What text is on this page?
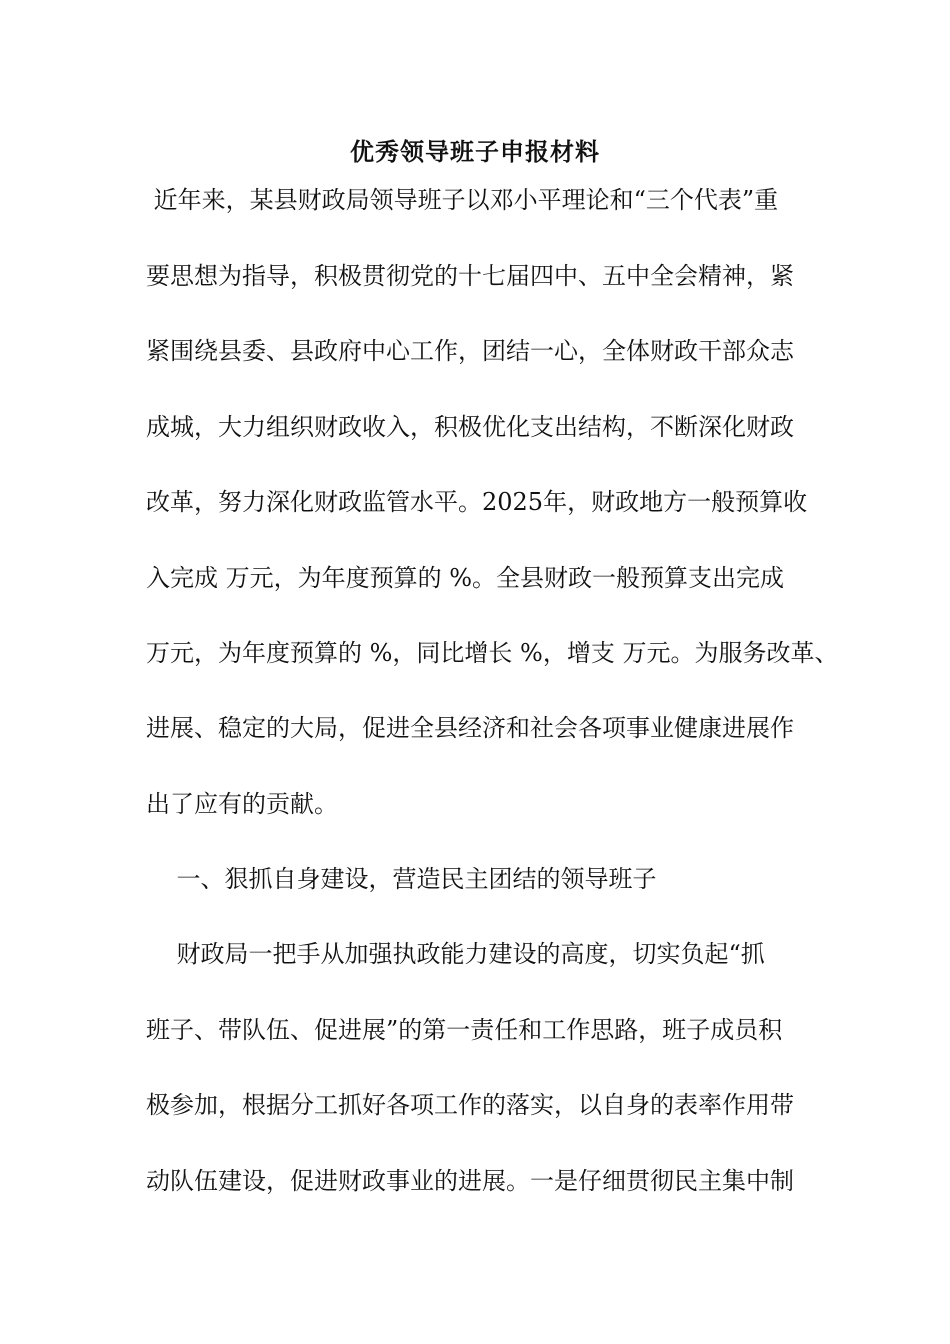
优秀领导班子申报材料
近年来，某县财政局领导班子以邓小平理论和“三个代表”重
要思想为指导，积极贯彻党的十七届四中、五中全会精神，紧
紧围绕县委、县政府中心工作，团结一心，全体财政干部众志
成城，大力组织财政收入，积极优化支出结构，不断深化财政
改革，努力深化财政监管水平。2025年，财政地方一般预算收
入完成 万元，为年度预算的 %。全县财政一般预算支出完成
万元，为年度预算的 %，同比增长 %，增支 万元。为服务改革、
进展、稳定的大局，促进全县经济和社会各项事业健康进展作
出了应有的贡献。
一、狠抓自身建设，营造民主团结的领导班子
财政局一把手从加强执政能力建设的高度，切实负起“抓
班子、带队伍、促进展”的第一责任和工作思路，班子成员积
极参加，根据分工抓好各项工作的落实，以自身的表率作用带
动队伍建设，促进财政事业的进展。一是仔细贯彻民主集中制
